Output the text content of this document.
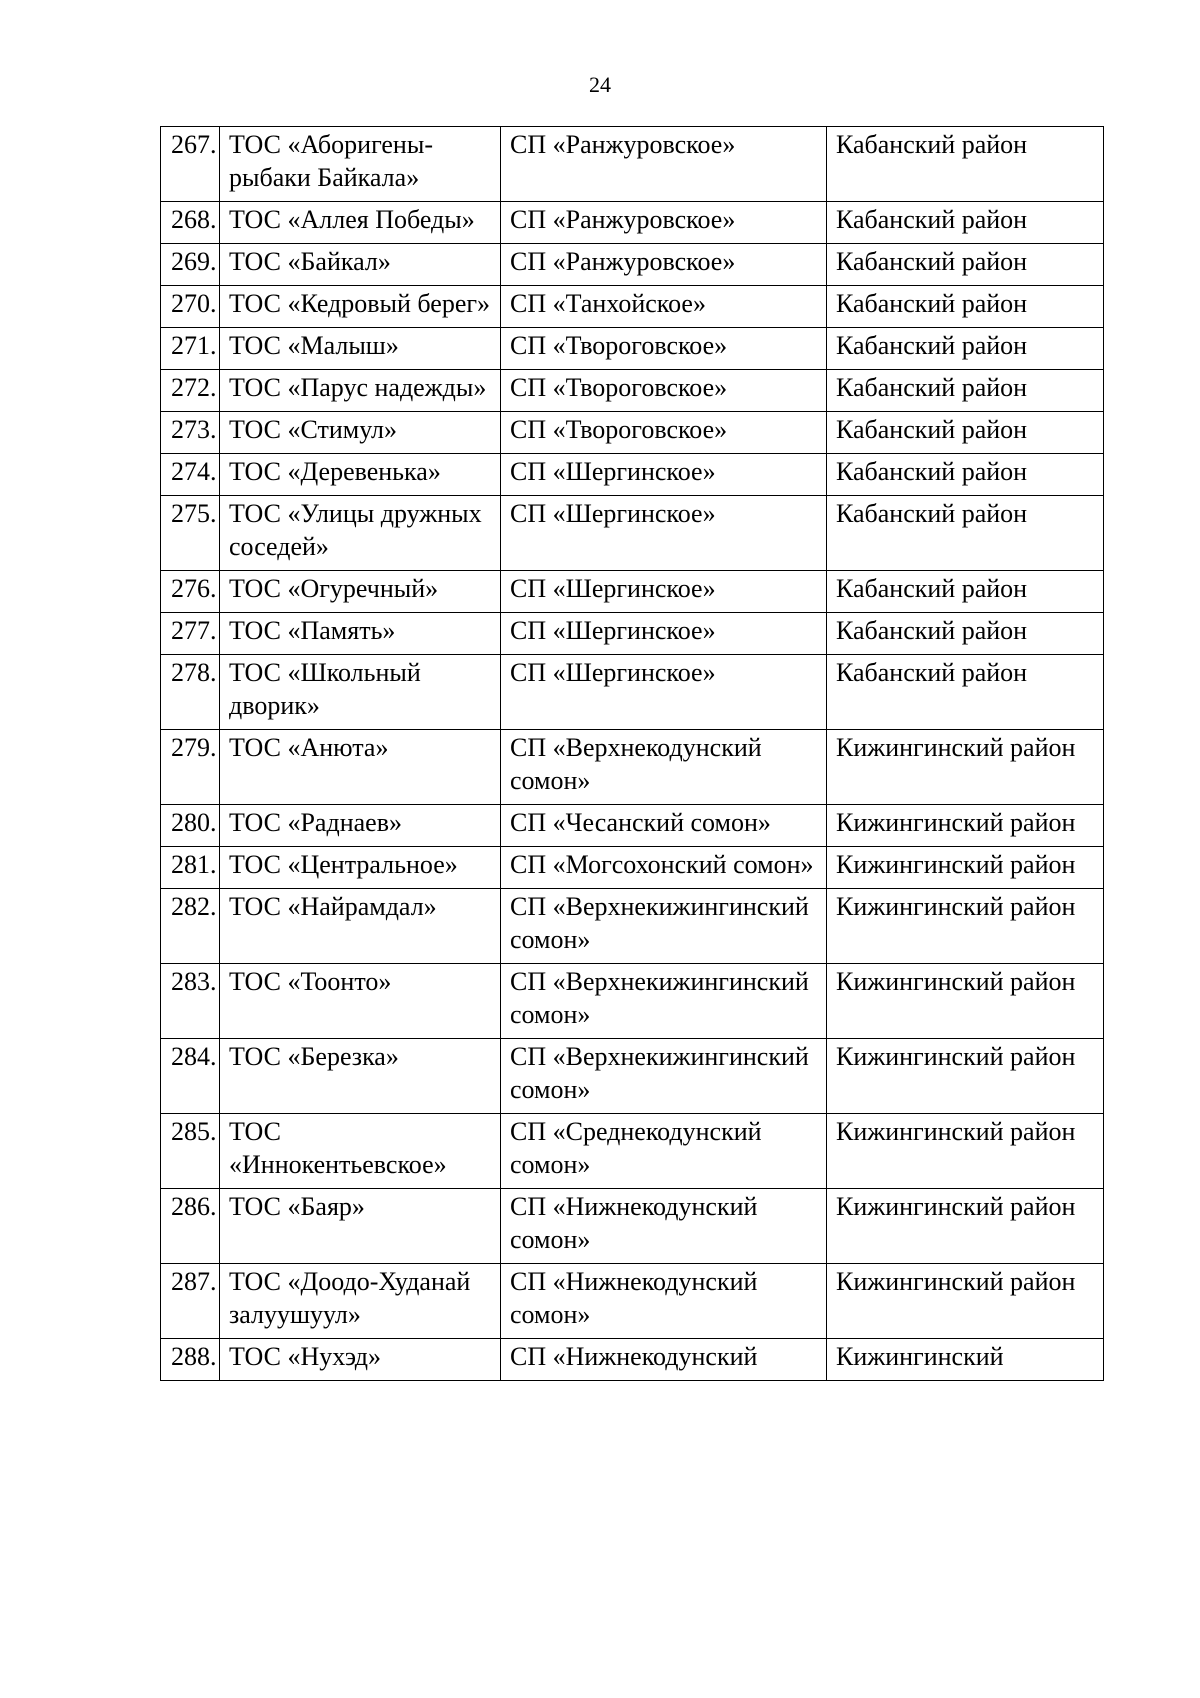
24
267.	ТОС «Аборигены-рыбаки Байкала»	СП «Ранжуровское»	Кабанский район
268.	ТОС «Аллея Победы»	СП «Ранжуровское»	Кабанский район
269.	ТОС «Байкал»	СП «Ранжуровское»	Кабанский район
270.	ТОС «Кедровый берег»	СП «Танхойское»	Кабанский район
271.	ТОС «Малыш»	СП «Твороговское»	Кабанский район
272.	ТОС «Парус надежды»	СП «Твороговское»	Кабанский район
273.	ТОС «Стимул»	СП «Твороговское»	Кабанский район
274.	ТОС «Деревенька»	СП «Шергинское»	Кабанский район
275.	ТОС «Улицы дружных соседей»	СП «Шергинское»	Кабанский район
276.	ТОС «Огуречный»	СП «Шергинское»	Кабанский район
277.	ТОС «Память»	СП «Шергинское»	Кабанский район
278.	ТОС «Школьный дворик»	СП «Шергинское»	Кабанский район
279.	ТОС «Анюта»	СП «Верхнекодунский сомон»	Кижингинский район
280.	ТОС «Раднаев»	СП «Чесанский сомон»	Кижингинский район
281.	ТОС «Центральное»	СП «Могсохонский сомон»	Кижингинский район
282.	ТОС «Найрамдал»	СП «Верхнекижингинский сомон»	Кижингинский район
283.	ТОС «Тоонто»	СП «Верхнекижингинский сомон»	Кижингинский район
284.	ТОС «Березка»	СП «Верхнекижингинский сомон»	Кижингинский район
285.	ТОС «Иннокентьевское»	СП «Среднекодунский сомон»	Кижингинский район
286.	ТОС «Баяр»	СП «Нижнекодунский сомон»	Кижингинский район
287.	ТОС «Доодо-Худанай залуушуул»	СП «Нижнекодунский сомон»	Кижингинский район
288.	ТОС «Нухэд»	СП «Нижнекодунский	Кижингинский
